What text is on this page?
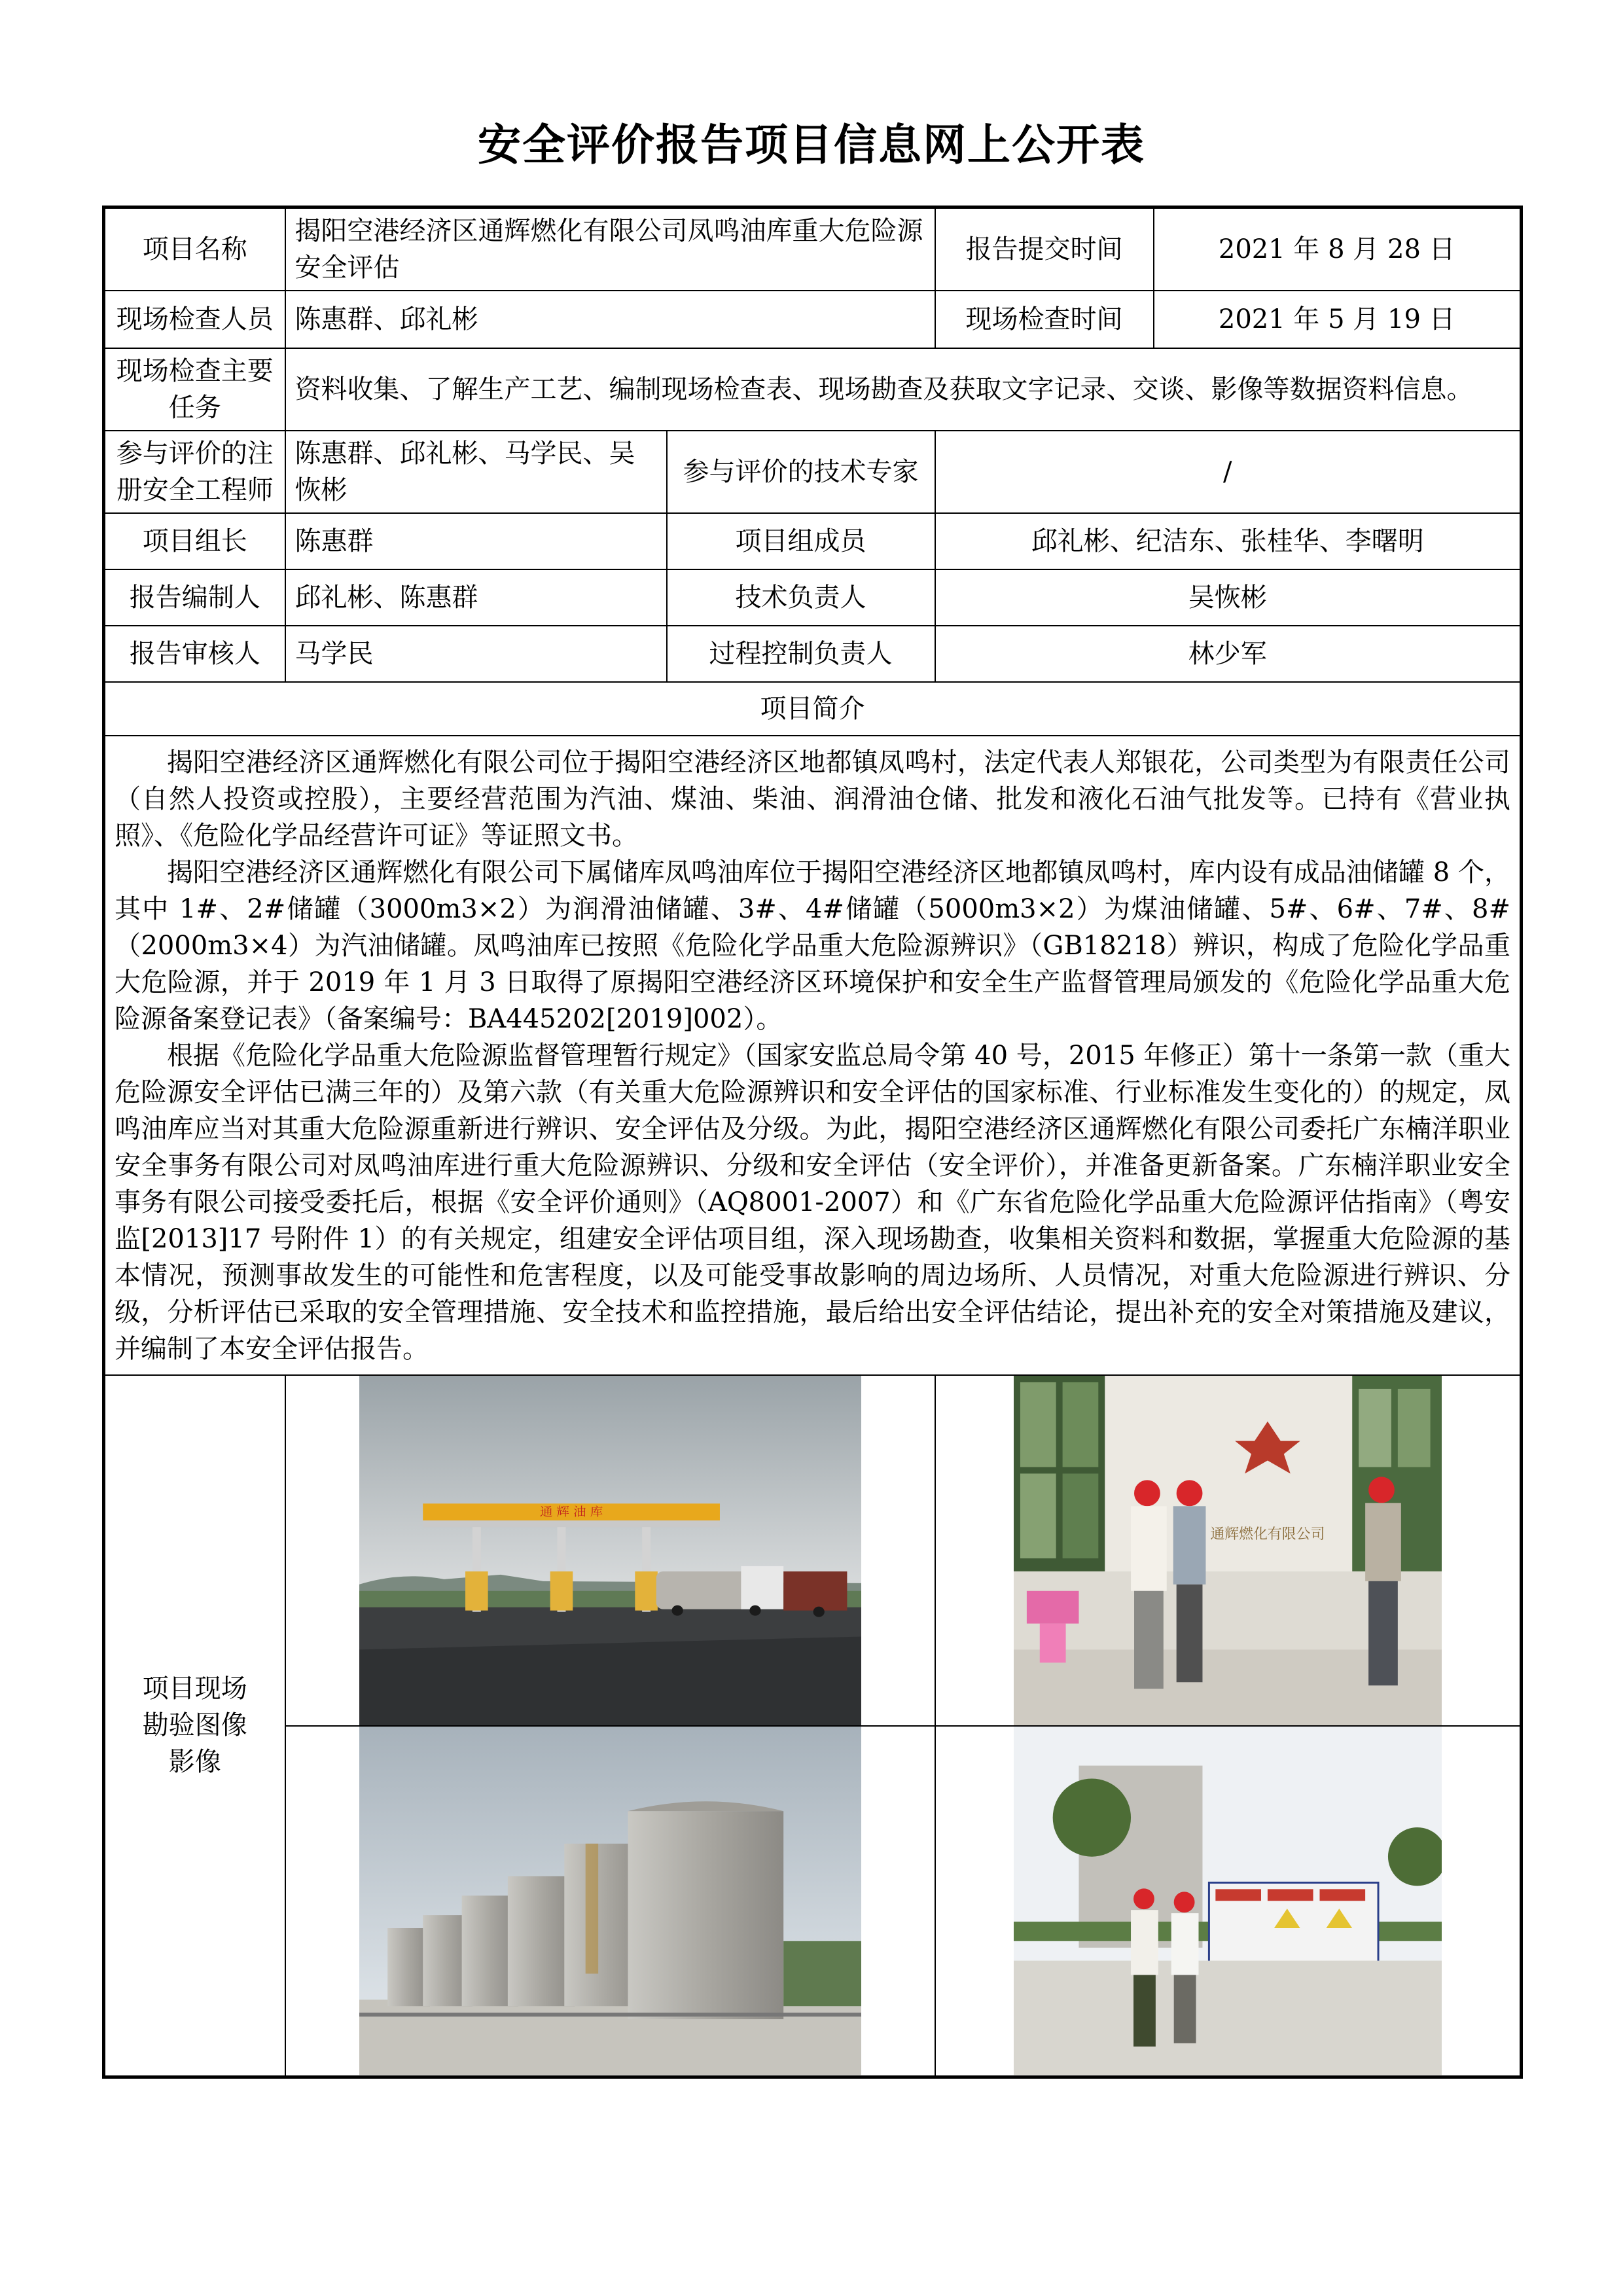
安全评价报告项目信息网上公开表
项目名称	揭阳空港经济区通辉燃化有限公司凤鸣油库重大危险源安全评估		报告提交时间	2021 年 8 月 28 日
现场检查人员	陈惠群、邱礼彬		现场检查时间	2021 年 5 月 19 日
现场检查主要任务	资料收集、了解生产工艺、编制现场检查表、现场勘查及获取文字记录、交谈、影像等数据资料信息。			
参与评价的注册安全工程师	陈惠群、邱礼彬、马学民、吴恢彬	参与评价的技术专家	/	
项目组长	陈惠群	项目组成员	邱礼彬、纪洁东、张桂华、李曙明	
报告编制人	邱礼彬、陈惠群	技术负责人	吴恢彬	
报告审核人	马学民	过程控制负责人	林少军	
项目简介				

揭阳空港经济区通辉燃化有限公司位于揭阳空港经济区地都镇凤鸣村，法定代表人郑银花，公司类型为有限责任公司（自然人投资或控股），主要经营范围为汽油、煤油、柴油、润滑油仓储、批发和液化石油气批发等。已持有《营业执照》、《危险化学品经营许可证》等证照文书。

揭阳空港经济区通辉燃化有限公司下属储库凤鸣油库位于揭阳空港经济区地都镇凤鸣村，库内设有成品油储罐 8 个，其中 1#、2#储罐（3000m3×2）为润滑油储罐、3#、4#储罐（5000m3×2）为煤油储罐、5#、6#、7#、8#（2000m3×4）为汽油储罐。凤鸣油库已按照《危险化学品重大危险源辨识》（GB18218）辨识，构成了危险化学品重大危险源，并于 2019 年 1 月 3 日取得了原揭阳空港经济区环境保护和安全生产监督管理局颁发的《危险化学品重大危险源备案登记表》（备案编号：BA445202[2019]002）。

根据《危险化学品重大危险源监督管理暂行规定》（国家安监总局令第 40 号，2015 年修正）第十一条第一款（重大危险源安全评估已满三年的）及第六款（有关重大危险源辨识和安全评估的国家标准、行业标准发生变化的）的规定，凤鸣油库应当对其重大危险源重新进行辨识、安全评估及分级。为此，揭阳空港经济区通辉燃化有限公司委托广东楠洋职业安全事务有限公司对凤鸣油库进行重大危险源辨识、分级和安全评估（安全评价），并准备更新备案。广东楠洋职业安全事务有限公司接受委托后，根据《安全评价通则》（AQ8001-2007）和《广东省危险化学品重大危险源评估指南》（粤安监[2013]17 号附件 1）的有关规定，组建安全评估项目组，深入现场勘查，收集相关资料和数据，掌握重大危险源的基本情况，预测事故发生的可能性和危害程度，以及可能受事故影响的周边场所、人员情况，对重大危险源进行辨识、分级，分析评估已采取的安全管理措施、安全技术和监控措施，最后给出安全评估结论，提出补充的安全对策措施及建议，并编制了本安全评估报告。				

项目现场勘验图像影像	通 辉 油 库		通辉燃化有限公司	
